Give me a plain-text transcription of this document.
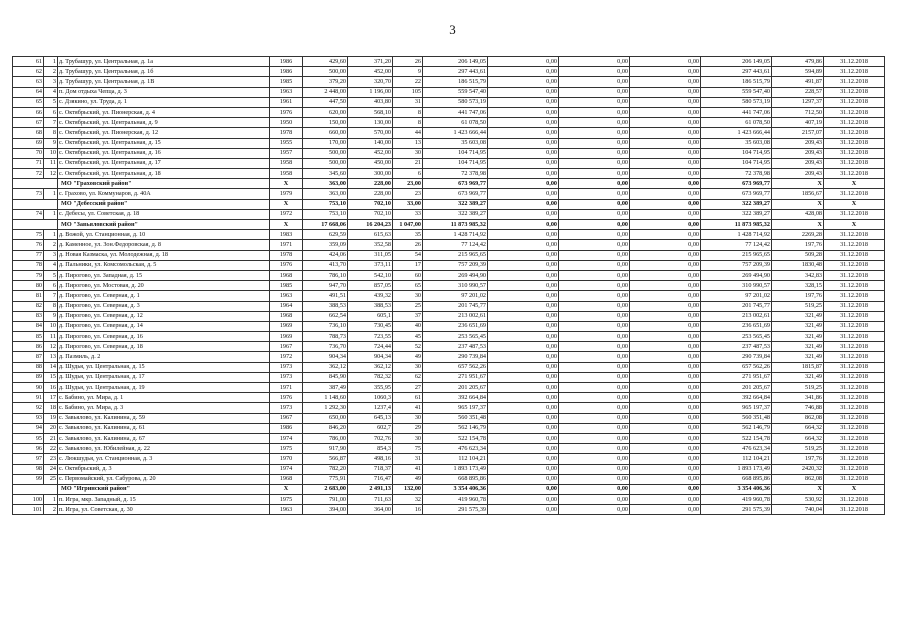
3
61	1	д. Трубашур, ул. Центральная, д. 1а	1986	429,60	371,20	26	206 149,05	0,00	0,00	0,00	206 149,05	479,86	31.12.2018
62	2	д. Трубашур, ул. Центральная, д. 1б	1986	500,00	452,00	9	297 443,61	0,00	0,00	0,00	297 443,61	594,89	31.12.2018
63	3	д. Трубашур, ул. Центральная, д. 1В	1985	379,20	320,70	22	186 515,79	0,00	0,00	0,00	186 515,79	491,87	31.12.2018
64	4	п. Дом отдыха Чепца, д. 3	1963	2 448,00	1 196,00	105	559 547,40	0,00	0,00	0,00	559 547,40	228,57	31.12.2018
65	5	с. Дзякино, ул. Труда, д. 1	1961	447,50	403,80	31	580 573,19	0,00	0,00	0,00	580 573,19	1297,37	31.12.2018
66	6	с. Октябрьский, ул. Пионерская, д. 4	1976	620,00	568,10	8	441 747,06	0,00	0,00	0,00	441 747,06	712,50	31.12.2018
67	7	с. Октябрьский, ул. Центральная, д. 9	1950	150,00	130,00	8	61 078,50	0,00	0,00	0,00	61 078,50	407,19	31.12.2018
68	8	с. Октябрьский, ул. Пионерская, д. 12	1978	660,00	570,00	44	1 423 666,44	0,00	0,00	0,00	1 423 666,44	2157,07	31.12.2018
69	9	с. Октябрьский, ул. Центральная, д. 15	1955	170,00	140,00	13	35 603,08	0,00	0,00	0,00	35 603,08	209,43	31.12.2018
70	10	с. Октябрьский, ул. Центральная, д. 16	1957	500,00	452,00	30	104 714,95	0,00	0,00	0,00	104 714,95	209,43	31.12.2018
71	11	с. Октябрьский, ул. Центральная, д. 17	1958	500,00	450,00	21	104 714,95	0,00	0,00	0,00	104 714,95	209,43	31.12.2018
72	12	с. Октябрьский, ул. Центральная, д. 18	1958	345,60	300,00	6	72 378,98	0,00	0,00	0,00	72 378,98	209,43	31.12.2018
		МО "Грахoвский район"	X	363,00	228,00	23,00	673 969,77	0,00	0,00	0,00	673 969,77	X	X
73	1	с. Грахово, ул. Коммунаров, д. 40А	1979	363,00	228,00	23	673 969,77	0,00	0,00	0,00	673 969,77	1856,67	31.12.2018
		МО "Дебесский район"	X	753,10	702,10	33,00	322 389,27	0,00	0,00	0,00	322 389,27	X	X
74	1	с. Дебесы, ул. Советская, д. 18	1972	753,10	702,10	33	322 389,27	0,00	0,00	0,00	322 389,27	428,08	31.12.2018
		МО "Завьяловский район"	X	17 668,06	16 204,23	1 047,00	11 873 985,32	0,00	0,00	0,00	11 873 985,32	X	X
75	1	д. Вожой, ул. Станционная, д. 10	1983	629,59	615,63	35	1 428 714,92	0,00	0,00	0,00	1 428 714,92	2269,28	31.12.2018
76	2	д. Каменное, ул. Зон.Федоровская, д. 8	1971	359,09	352,58	26	77 124,42	0,00	0,00	0,00	77 124,42	197,76	31.12.2018
77	3	д. Новая Казмаска, ул. Молодежная, д. 18	1978	424,06	311,05	54	215 965,65	0,00	0,00	0,00	215 965,65	509,28	31.12.2018
78	4	д. Пальники, ул. Комсомольская, д. 5	1976	413,70	373,11	17	757 209,39	0,00	0,00	0,00	757 209,39	1830,48	31.12.2018
79	5	д. Пирогово, ул. Западная, д. 15	1968	786,10	542,10	60	269 494,90	0,00	0,00	0,00	269 494,90	342,83	31.12.2018
80	6	д. Пирогово, ул. Мостовая, д. 20	1985	947,70	857,05	65	310 990,57	0,00	0,00	0,00	310 990,57	328,15	31.12.2018
81	7	д. Пирогово, ул. Северная, д. 1	1963	491,51	439,32	30	97 201,02	0,00	0,00	0,00	97 201,02	197,76	31.12.2018
82	8	д. Пирогово, ул. Северная, д. 3	1964	388,53	388,53	25	201 745,77	0,00	0,00	0,00	201 745,77	519,25	31.12.2018
83	9	д. Пирогово, ул. Северная, д. 12	1968	662,54	605,1	37	213 002,61	0,00	0,00	0,00	213 002,61	321,49	31.12.2018
84	10	д. Пирогово, ул. Северная, д. 14	1969	736,10	730,45	40	236 651,69	0,00	0,00	0,00	236 651,69	321,49	31.12.2018
85	11	д. Пирогово, ул. Северная, д. 16	1969	788,73	723,55	45	253 565,45	0,00	0,00	0,00	253 565,45	321,49	31.12.2018
86	12	д. Пирогово, ул. Северная, д. 18	1967	736,70	724,44	52	237 487,53	0,00	0,00	0,00	237 487,53	321,49	31.12.2018
87	13	д. Пазмиль, д. 2	1972	904,34	904,34	49	290 739,84	0,00	0,00	0,00	290 739,84	321,49	31.12.2018
88	14	д. Шудья, ул. Центральная, д. 15	1973	362,12	362,12	30	657 562,26	0,00	0,00	0,00	657 562,26	1815,87	31.12.2018
89	15	д. Шудья, ул. Центральная, д. 17	1973	845,90	782,32	62	271 951,67	0,00	0,00	0,00	271 951,67	321,49	31.12.2018
90	16	д. Шудья, ул. Центральная, д. 19	1971	387,49	355,95	27	201 205,67	0,00	0,00	0,00	201 205,67	519,25	31.12.2018
91	17	с. Бабино, ул. Мира, д. 1	1976	1 148,60	1060,3	61	392 664,84	0,00	0,00	0,00	392 664,84	341,86	31.12.2018
92	18	с. Бабино, ул. Мира, д. 3	1973	1 292,30	1237,4	41	965 197,37	0,00	0,00	0,00	965 197,37	746,88	31.12.2018
93	19	с. Завьялово, ул. Калинина, д. 59	1967	650,00	645,13	30	560 351,48	0,00	0,00	0,00	560 351,48	862,08	31.12.2018
94	20	с. Завьялово, ул. Калинина, д. 61	1986	846,20	602,7	29	562 146,79	0,00	0,00	0,00	562 146,79	664,32	31.12.2018
95	21	с. Завьялово, ул. Калинина, д. 67	1974	786,00	702,76	30	522 154,78	0,00	0,00	0,00	522 154,78	664,32	31.12.2018
96	22	с. Завьялово, ул. Юбилейная, д. 22	1975	917,90	854,3	75	476 623,34	0,00	0,00	0,00	476 623,34	519,25	31.12.2018
97	23	с. Люкшудья, ул. Станционная, д. 3	1970	566,87	498,16	31	112 104,21	0,00	0,00	0,00	112 104,21	197,76	31.12.2018
98	24	с. Октябрьский, д. 3	1974	782,20	718,37	41	1 893 173,49	0,00	0,00	0,00	1 893 173,49	2420,32	31.12.2018
99	25	с. Первомайский, ул. Сабурова, д. 20	1968	775,91	716,47	49	668 895,86	0,00	0,00	0,00	668 895,86	862,08	31.12.2018
		МО "Игринский район"	X	2 683,00	2 491,13	132,00	3 354 406,36	0,00	0,00	0,00	3 354 406,36	X	X
100	1	п. Игра, мкр. Западный, д. 15	1975	791,00	711,63	32	419 960,78	0,00	0,00	0,00	419 960,78	530,92	31.12.2018
101	2	п. Игра, ул. Советская, д. 30	1963	394,00	364,00	16	291 575,39	0,00	0,00	0,00	291 575,39	740,04	31.12.2018
